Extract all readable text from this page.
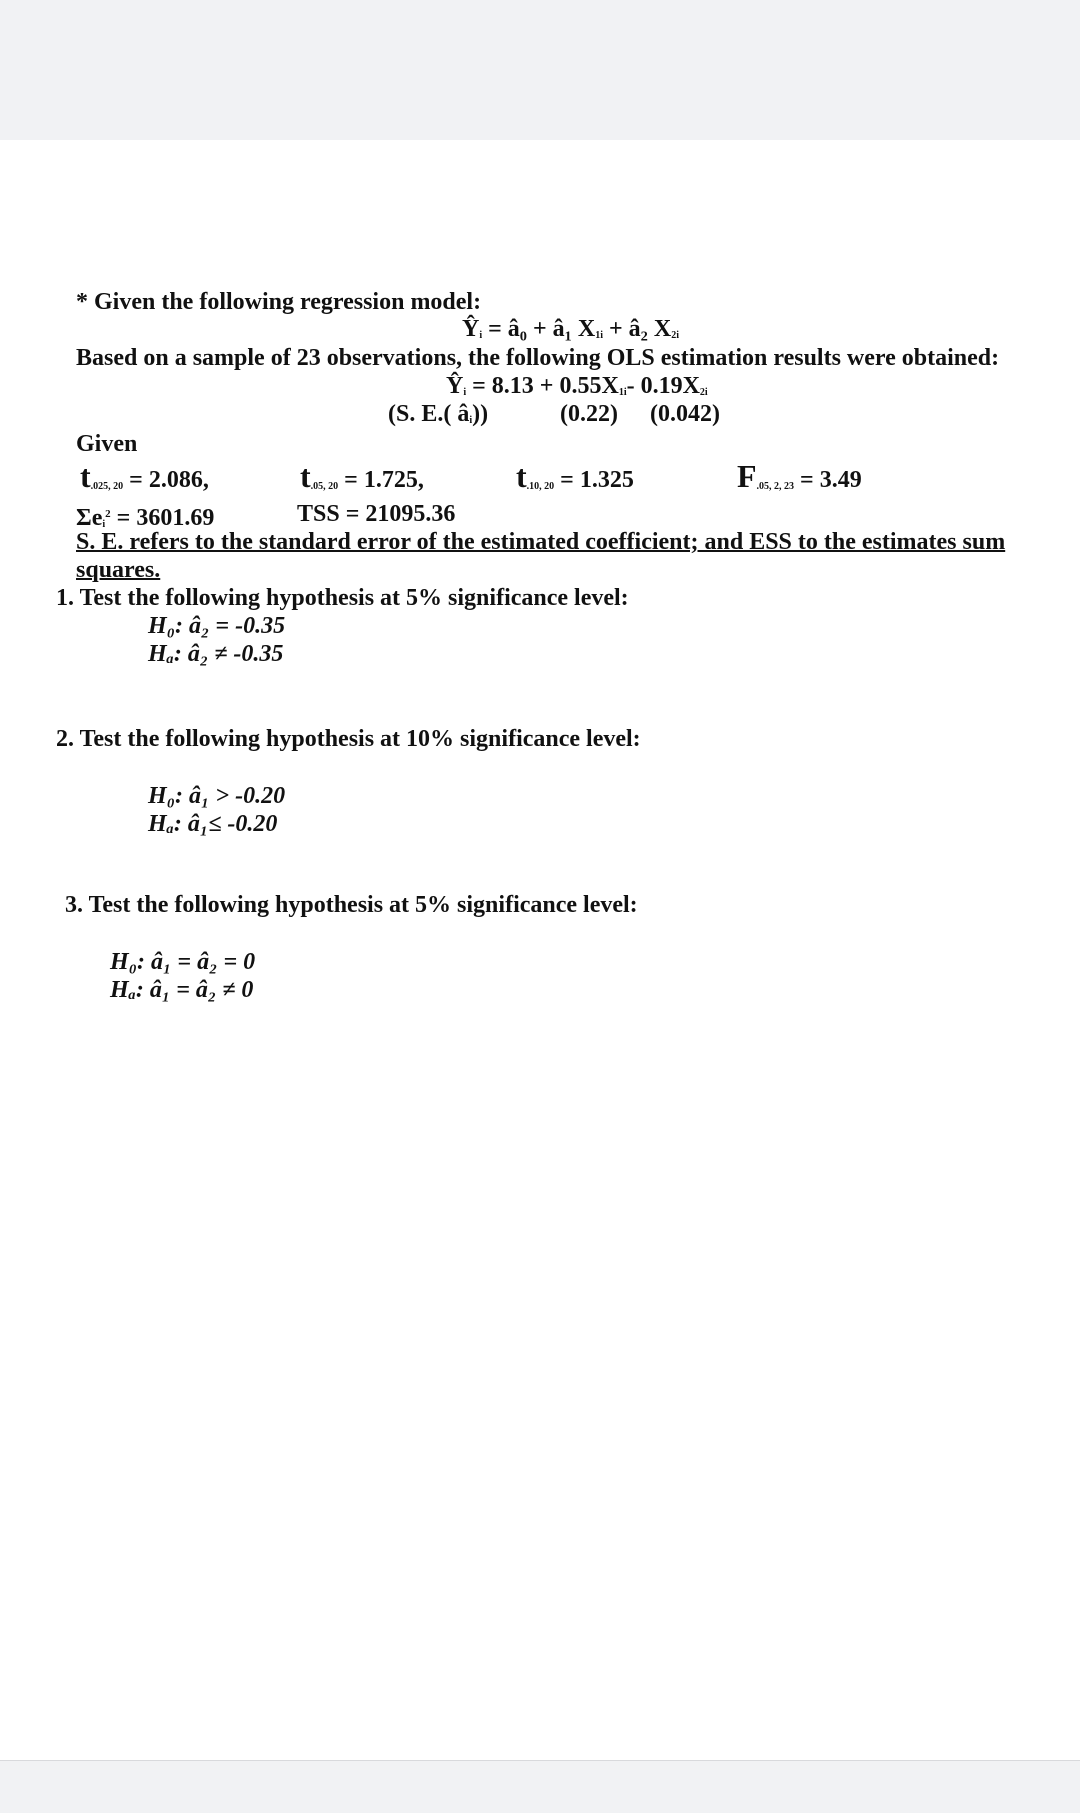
* Given the following regression model:
$Ŷ_i$ = â₀ + â₁ $X_{1i}$ + â₂ $X_{2i}$
Based on a sample of 23 observations, the following OLS estimation results were obtained:
$Ŷ_i = 8.13 + 0.55X_{1i}-$ $0.19X_{2i}$
(S. E.( $â_i$))	(0.22) (0.042)
Given
$t_{.025, 20} = 2.086$,	$t_{.05, 20} = 1.725$,	$t_{.10, 20} = 1.325$	$F_{.05, 2, 23} = 3.49$
$\Sigma e_i^2 = 3601.69$	TSS = 21095.36
S. E. refers to the standard error of the estimated coefficient; and ESS to the estimates sum
squares.
1. Test the following hypothesis at 5% significance level:
H₀: â₂ = -0.35
Hₐ: â₂ ≠ -0.35
2. Test the following hypothesis at 10% significance level:
H₀: â₁ > -0.20
Hₐ: â₁≤ -0.20
3. Test the following hypothesis at 5% significance level:
H₀: â₁ = â₂ = 0
Hₐ: â₁ = â₂ ≠ 0
